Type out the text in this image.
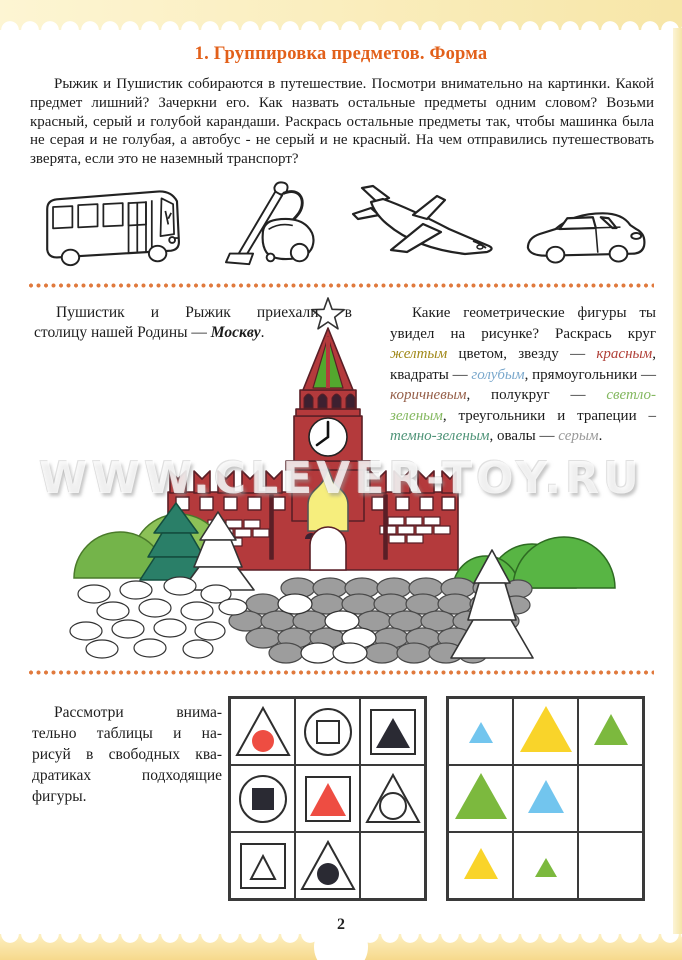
1. Группировка предметов. Форма
Рыжик и Пушистик собираются в путешествие. Посмотри внимательно на картинки. Какой предмет лишний? Зачеркни его. Как назвать остальные предметы одним словом? Возьми красный, серый и голубой карандаши. Раскрась остальные предметы так, чтобы машинка была не серая и не голубая, а автобус - не серый и не красный. На чем отправились путешествовать зверята, если это не наземный транспорт?
Пушистик и Рыжик приехали в
столицу нашей Родины — Москву.
Какие геометрические фигуры ты увидел на рисунке? Раскрась круг желтым цветом, звезду — красным, квадраты — голубым, прямоугольники — коричневым, полукруг — светло-зеленым, треугольники и трапеции – темно-зеленым, овалы — серым.
WWW.CLEVER-TOY.RU
Рассмотри внима-
тельно таблицы и на-
рисуй в свободных ква-
дратиках подходящие
фигуры.
2
